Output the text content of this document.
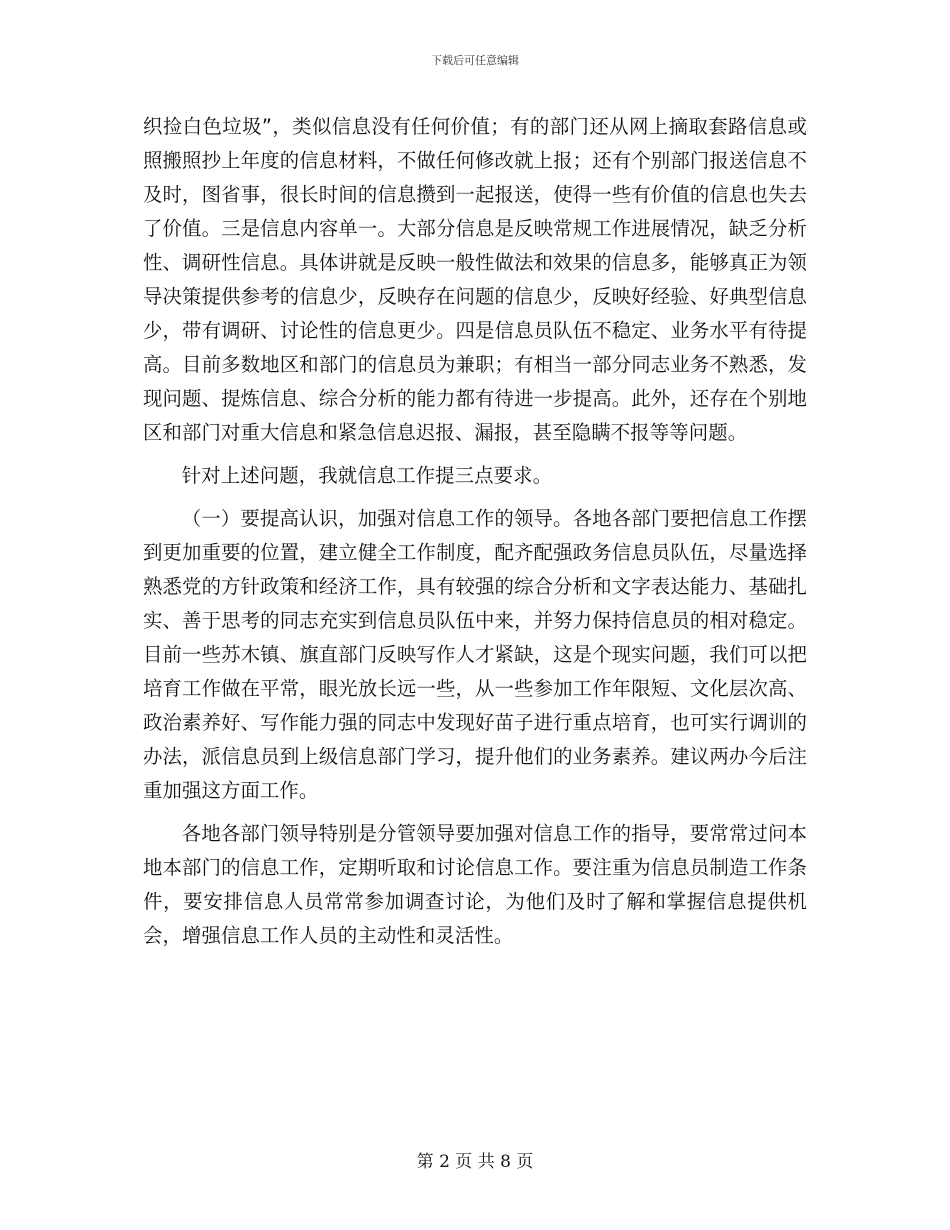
下载后可任意编辑

织捡白色垃圾”，类似信息没有任何价值；有的部门还从网上摘取套路信息或照搬照抄上年度的信息材料，不做任何修改就上报；还有个别部门报送信息不及时，图省事，很长时间的信息攒到一起报送，使得一些有价值的信息也失去了价值。三是信息内容单一。大部分信息是反映常规工作进展情况，缺乏分析性、调研性信息。具体讲就是反映一般性做法和效果的信息多，能够真正为领导决策提供参考的信息少，反映存在问题的信息少，反映好经验、好典型信息少，带有调研、讨论性的信息更少。四是信息员队伍不稳定、业务水平有待提高。目前多数地区和部门的信息员为兼职；有相当一部分同志业务不熟悉，发现问题、提炼信息、综合分析的能力都有待进一步提高。此外，还存在个别地区和部门对重大信息和紧急信息迟报、漏报，甚至隐瞒不报等等问题。

针对上述问题，我就信息工作提三点要求。

（一）要提高认识，加强对信息工作的领导。各地各部门要把信息工作摆到更加重要的位置，建立健全工作制度，配齐配强政务信息员队伍，尽量选择熟悉党的方针政策和经济工作，具有较强的综合分析和文字表达能力、基础扎实、善于思考的同志充实到信息员队伍中来，并努力保持信息员的相对稳定。目前一些苏木镇、旗直部门反映写作人才紧缺，这是个现实问题，我们可以把培育工作做在平常，眼光放长远一些，从一些参加工作年限短、文化层次高、政治素养好、写作能力强的同志中发现好苗子进行重点培育，也可实行调训的办法，派信息员到上级信息部门学习，提升他们的业务素养。建议两办今后注重加强这方面工作。

各地各部门领导特别是分管领导要加强对信息工作的指导，要常常过问本地本部门的信息工作，定期听取和讨论信息工作。要注重为信息员制造工作条件，要安排信息人员常常参加调查讨论，为他们及时了解和掌握信息提供机会，增强信息工作人员的主动性和灵活性。

第 2 页 共 8 页
